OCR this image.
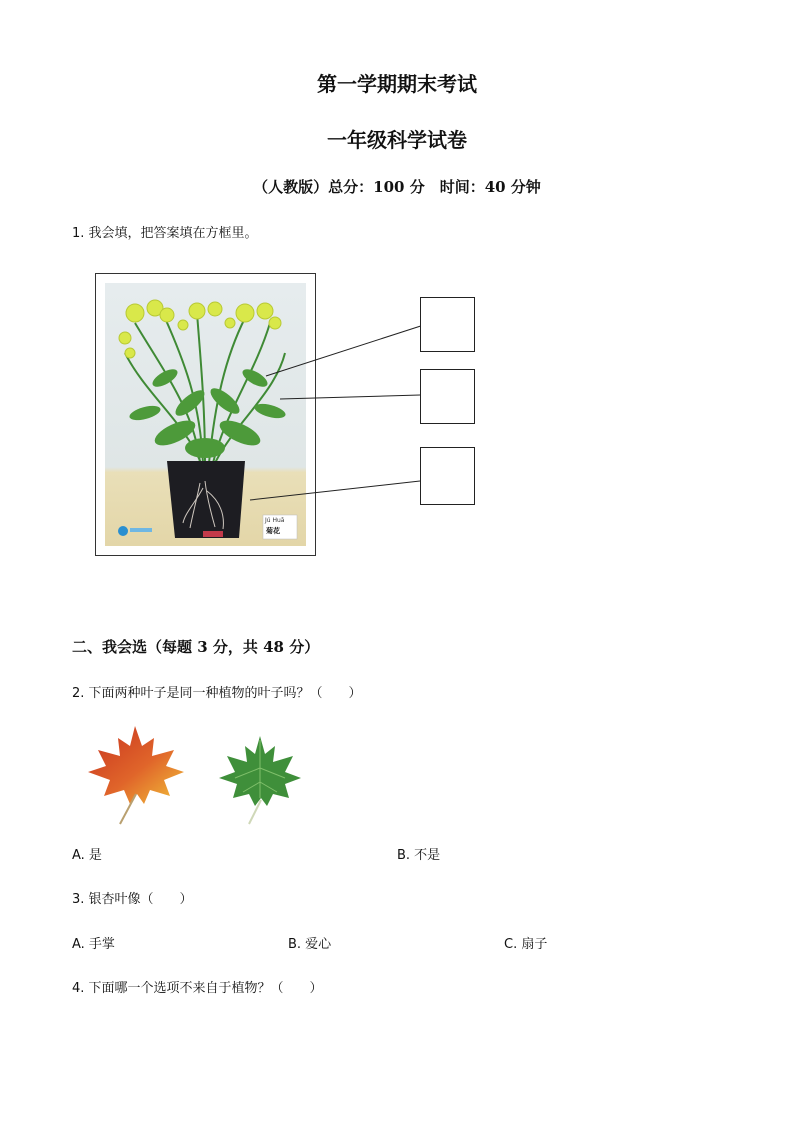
第一学期期末考试
一年级科学试卷
（人教版）总分：100 分　时间：40 分钟
1. 我会填，把答案填在方框里。
Jú Huā
菊花
二、我会选（每题 3 分，共 48 分）
2. 下面两种叶子是同一种植物的叶子吗？（　　）
A. 是	B. 不是
3. 银杏叶像（　　）
A. 手掌	B. 爱心	C. 扇子
4. 下面哪一个选项不来自于植物？（　　）
